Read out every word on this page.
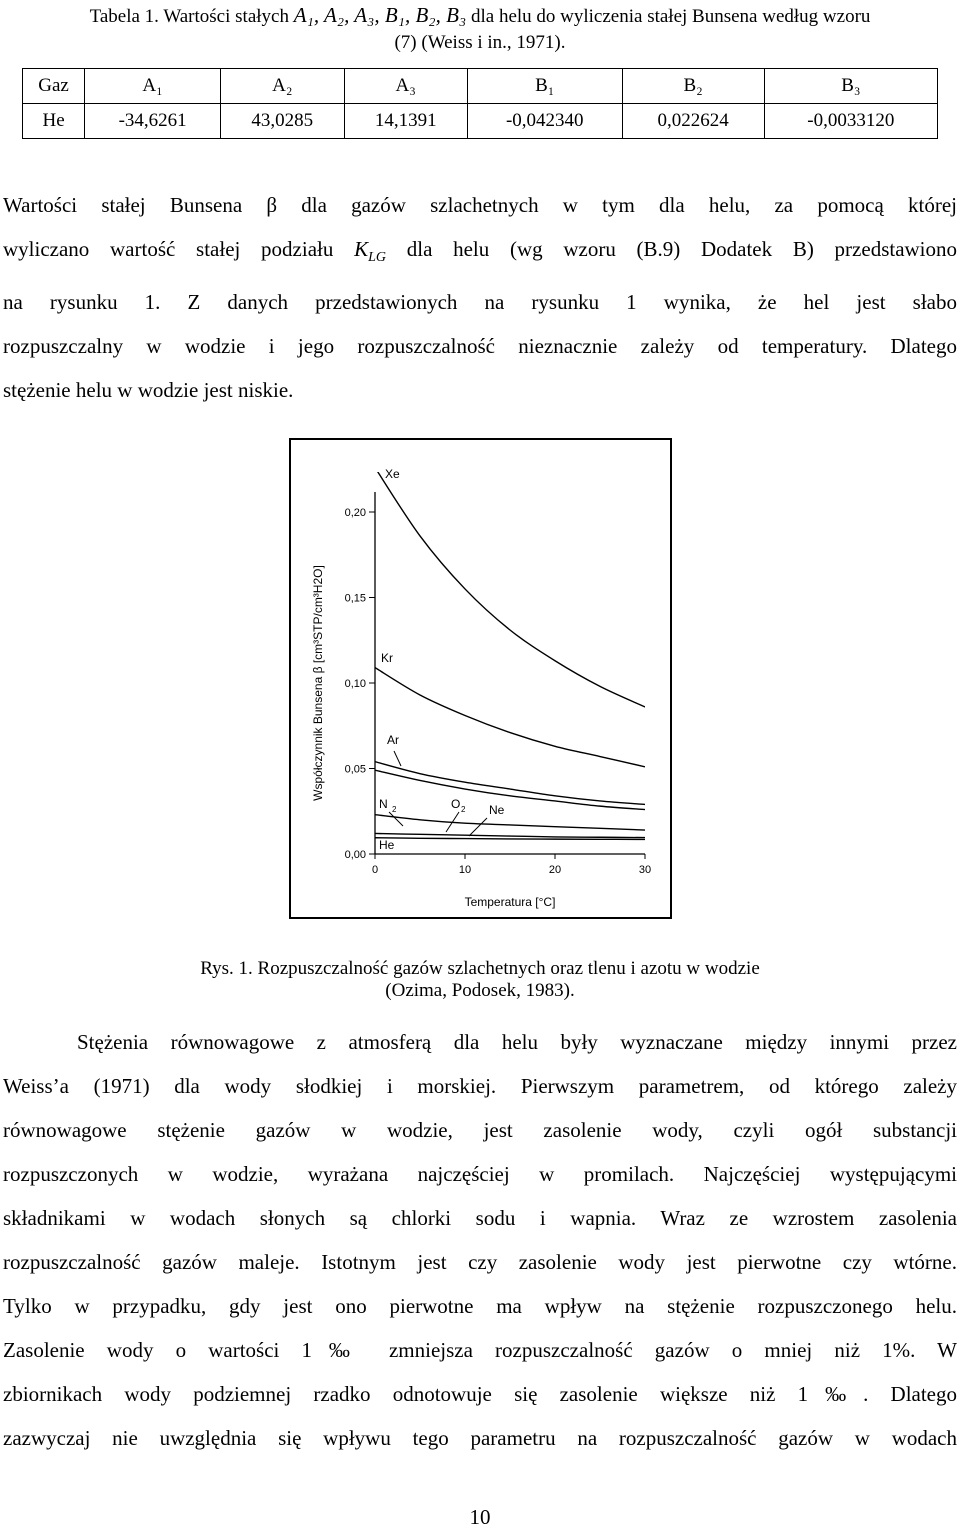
Tabela 1. Wartości stałych A₁, A₂, A₃, B₁, B₂, B₃ dla helu do wyliczenia stałej Bunsena według wzoru
(7) (Weiss i in., 1971).
Gaz	A₁	A₂	A₃	B₁	B₂	B₃
He	-34,6261	43,0285	14,1391	-0,042340	0,022624	-0,0033120
Wartości stałej Bunsena β dla gazów szlachetnych w tym dla helu, za pomocą której
wyliczano wartość stałej podziału $K_{LG}$ dla helu (wg wzoru (B.9) Dodatek B) przedstawiono
na rysunku 1. Z danych przedstawionych na rysunku 1 wynika, że hel jest słabo
rozpuszczalny w wodzie i jego rozpuszczalność nieznacznie zależy od temperatury. Dlatego
stężenie helu w wodzie jest niskie.
0,00
0,05
0,10
0,15
0,20
0	10	20	30
Temperatura [°C]
Współczynnik Bunsena β [cm³STP/cm³H2O]
Xe
Kr
Ar
N 2	O 2 Ne
He
Rys. 1. Rozpuszczalność gazów szlachetnych oraz tlenu i azotu w wodzie
(Ozima, Podosek, 1983).
Stężenia równowagowe z atmosferą dla helu były wyznaczane między innymi przez
Weiss’a (1971) dla wody słodkiej i morskiej. Pierwszym parametrem, od którego zależy
równowagowe stężenie gazów w wodzie, jest zasolenie wody, czyli ogół substancji
rozpuszczonych w wodzie, wyrażana najczęściej w promilach. Najczęściej występującymi
składnikami w wodach słonych są chlorki sodu i wapnia. Wraz ze wzrostem zasolenia
rozpuszczalność gazów maleje. Istotnym jest czy zasolenie wody jest pierwotne czy wtórne.
Tylko w przypadku, gdy jest ono pierwotne ma wpływ na stężenie rozpuszczonego helu.
Zasolenie wody o wartości 1‰ zmniejsza rozpuszczalność gazów o mniej niż 1%. W
zbiornikach wody podziemnej rzadko odnotowuje się zasolenie większe niż 1‰. Dlatego
zazwyczaj nie uwzględnia się wpływu tego parametru na rozpuszczalność gazów w wodach
10
